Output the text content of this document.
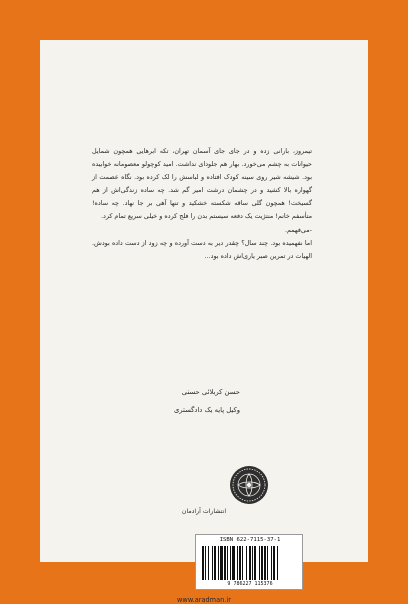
تیمروز، بارانی زده و در جای جای آسمان تهران، تکه ابرهایی همچون شمایل حیوانات به چشم می‌خورد. بهار هم جلودای نداشت. امید کوچولو معصومانه خوابیده بود. شیشه شیر روی سینه کودک افتاده و لباسش را لک کرده بود. نگاه عصمت از گهواره بالا کشید و در چشمان درشت امیر گم شد. چه ساده زندگی‌اش از هم گسیخت! همچون گلی ساقه شکسته خشکید و تنها آهی بر جا نهاد. چه ساده! متأسفم خانم! منتژیت یک دفعه سیستم بدن را فلج کرده و خیلی سریع تمام کرد.

-می‌فهمم.

اما نفهمیده بود. چند سال؟ چقدر دیر به دست آورده و چه زود از دست داده بودش. الهیات در تمرین صبر یاری‌اش داده بود...

حسن کربلائی حسنی

وکیل پایه یک دادگستری

انتشارات آرادمان
ISBN 622-7115-37-1
9 786227 115376
www.aradman.ir
